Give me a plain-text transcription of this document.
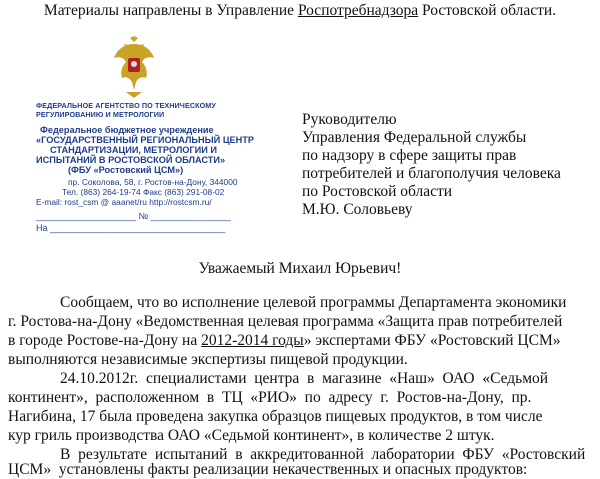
Материалы направлены в Управление Роспотребнадзора Ростовской области.
ФЕДЕРАЛЬНОЕ АГЕНТСТВО ПО ТЕХНИЧЕСКОМУ
РЕГУЛИРОВАНИЮ И МЕТРОЛОГИИ
Федеральное бюджетное учреждение
«ГОСУДАРСТВЕННЫЙ РЕГИОНАЛЬНЫЙ ЦЕНТР
СТАНДАРТИЗАЦИИ, МЕТРОЛОГИИ И
ИСПЫТАНИЙ В РОСТОВСКОЙ ОБЛАСТИ»
(ФБУ «Ростовский ЦСМ»)
пр. Соколова, 58, г. Ростов-на-Дону, 344000
Тел. (863) 264-19-74 Факс (863) 291-08-02
E-mail: rost_csm @ aaanet/ru http://rostcsm.ru/
____________________ № ________________
На ___________________________________
Руководителю
Управления Федеральной службы
по надзору в сфере защиты прав
потребителей и благополучия человека
по Ростовской области
М.Ю. Соловьеву
Уважаемый Михаил Юрьевич!
Сообщаем, что во исполнение целевой программы Департамента экономики
г. Ростова-на-Дону «Ведомственная целевая программа «Защита прав потребителей
в городе Ростове-на-Дону на 2012-2014 годы» экспертами ФБУ «Ростовский ЦСМ»
выполняются независимые экспертизы пищевой продукции.
24.10.2012г.  специалистами  центра  в  магазине  «Наш»  ОАО  «Седьмой
континент»,  расположенном  в  ТЦ  «РИО»  по  адресу  г.  Ростов-на-Дону,  пр.
Нагибина, 17 была проведена закупка образцов пищевых продуктов, в том числе
кур гриль производства ОАО «Седьмой континент», в количестве 2 штук.
В  результате  испытаний  в  аккредитованной  лаборатории  ФБУ  «Ростовский
ЦСМ»  установлены факты реализации некачественных и опасных продуктов:
